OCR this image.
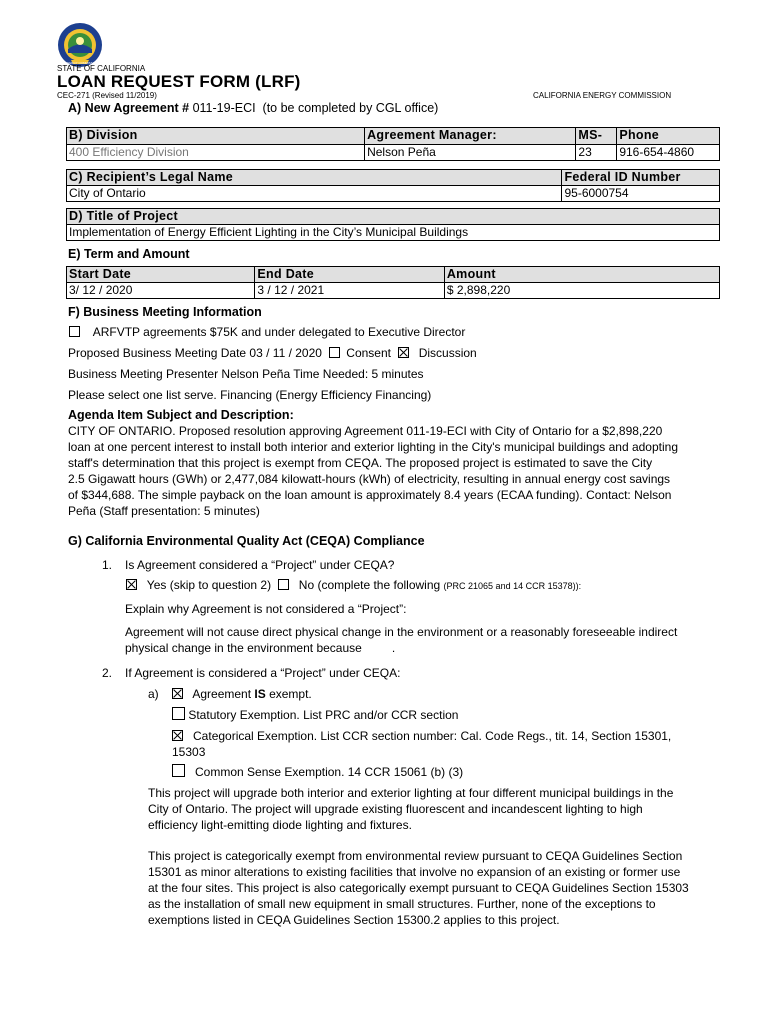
ENERGY COMMISSION
STATE OF CALIFORNIA
LOAN REQUEST FORM (LRF)
CEC-271 (Revised 11/2019)	CALIFORNIA ENERGY COMMISSION
A) New Agreement # 011-19-ECI (to be completed by CGL office)
B) Division	Agreement Manager:	MS-	Phone
400 Efficiency Division	Nelson Peña	23	916-654-4860
C) Recipient’s Legal Name	Federal ID Number
City of Ontario	95-6000754
D) Title of Project
Implementation of Energy Efficient Lighting in the City’s Municipal Buildings
E) Term and Amount
Start Date	End Date	Amount
3/ 12 / 2020	3 / 12 / 2021	$ 2,898,220
F) Business Meeting Information
ARFVTP agreements $75K and under delegated to Executive Director
Proposed Business Meeting Date 03 / 11 / 2020 Consent Discussion
Business Meeting Presenter Nelson Peña Time Needed: 5 minutes
Please select one list serve. Financing (Energy Efficiency Financing)
Agenda Item Subject and Description:
CITY OF ONTARIO. Proposed resolution approving Agreement 011-19-ECI with City of Ontario for a $2,898,220
loan at one percent interest to install both interior and exterior lighting in the City's municipal buildings and adopting
staff's determination that this project is exempt from CEQA. The proposed project is estimated to save the City
2.5 Gigawatt hours (GWh) or 2,477,084 kilowatt-hours (kWh) of electricity, resulting in annual energy cost savings
of $344,688. The simple payback on the loan amount is approximately 8.4 years (ECAA funding). Contact: Nelson
Peña (Staff presentation: 5 minutes)
G) California Environmental Quality Act (CEQA) Compliance
1. Is Agreement considered a “Project” under CEQA?
Yes (skip to question 2) No (complete the following (PRC 21065 and 14 CCR 15378)):
Explain why Agreement is not considered a “Project”:
Agreement will not cause direct physical change in the environment or a reasonably foreseeable indirect
physical change in the environment because         .
2. If Agreement is considered a “Project” under CEQA:
a)	Agreement IS exempt.
Statutory Exemption. List PRC and/or CCR section
Categorical Exemption. List CCR section number: Cal. Code Regs., tit. 14, Section 15301,
15303
Common Sense Exemption. 14 CCR 15061 (b) (3)
This project will upgrade both interior and exterior lighting at four different municipal buildings in the
City of Ontario. The project will upgrade existing fluorescent and incandescent lighting to high
efficiency light-emitting diode lighting and fixtures.
This project is categorically exempt from environmental review pursuant to CEQA Guidelines Section
15301 as minor alterations to existing facilities that involve no expansion of an existing or former use
at the four sites. This project is also categorically exempt pursuant to CEQA Guidelines Section 15303
as the installation of small new equipment in small structures. Further, none of the exceptions to
exemptions listed in CEQA Guidelines Section 15300.2 applies to this project.
